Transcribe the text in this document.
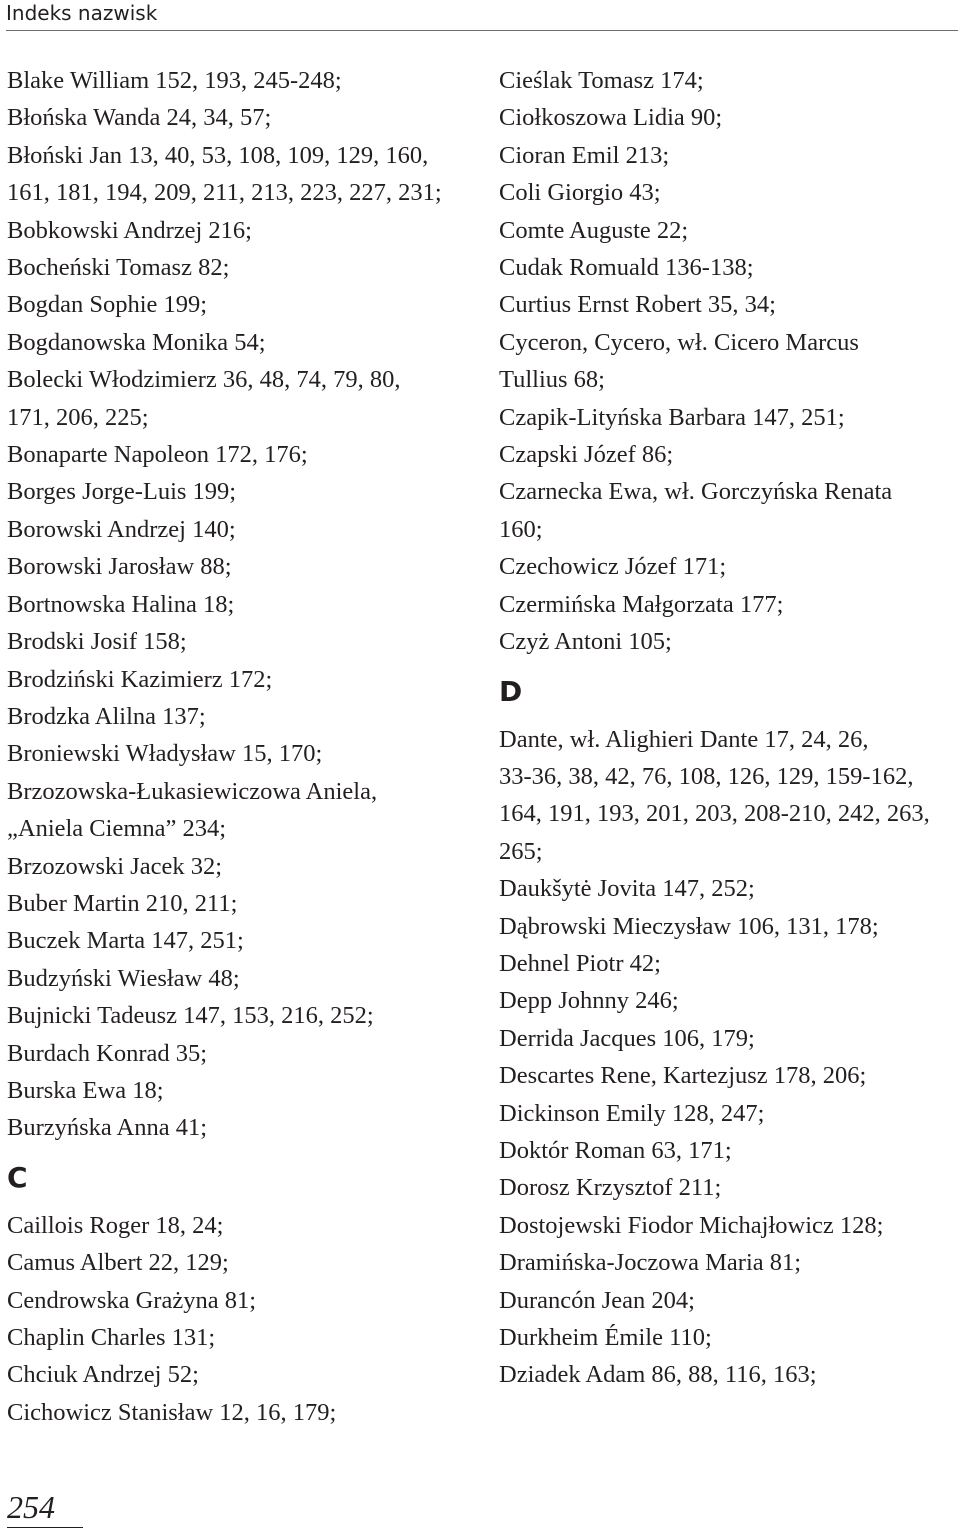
Indeks nazwisk
Blake William 152, 193, 245-248;
Błońska Wanda 24, 34, 57;
Błoński Jan 13, 40, 53, 108, 109, 129, 160,
161, 181, 194, 209, 211, 213, 223, 227, 231;
Bobkowski Andrzej 216;
Bocheński Tomasz 82;
Bogdan Sophie 199;
Bogdanowska Monika 54;
Bolecki Włodzimierz 36, 48, 74, 79, 80,
171, 206, 225;
Bonaparte Napoleon 172, 176;
Borges Jorge-Luis 199;
Borowski Andrzej 140;
Borowski Jarosław 88;
Bortnowska Halina 18;
Brodski Josif 158;
Brodziński Kazimierz 172;
Brodzka Alilna 137;
Broniewski Władysław 15, 170;
Brzozowska-Łukasiewiczowa Aniela,
„Aniela Ciemna” 234;
Brzozowski Jacek 32;
Buber Martin 210, 211;
Buczek Marta 147, 251;
Budzyński Wiesław 48;
Bujnicki Tadeusz 147, 153, 216, 252;
Burdach Konrad 35;
Burska Ewa 18;
Burzyńska Anna 41;
C
Caillois Roger 18, 24;
Camus Albert 22, 129;
Cendrowska Grażyna 81;
Chaplin Charles 131;
Chciuk Andrzej 52;
Cichowicz Stanisław 12, 16, 179;
Cieślak Tomasz 174;
Ciołkoszowa Lidia 90;
Cioran Emil 213;
Coli Giorgio 43;
Comte Auguste 22;
Cudak Romuald 136-138;
Curtius Ernst Robert 35, 34;
Cyceron, Cycero, wł. Cicero Marcus
Tullius 68;
Czapik-Lityńska Barbara 147, 251;
Czapski Józef 86;
Czarnecka Ewa, wł. Gorczyńska Renata
160;
Czechowicz Józef 171;
Czermińska Małgorzata 177;
Czyż Antoni 105;
D
Dante, wł. Alighieri Dante 17, 24, 26,
33-36, 38, 42, 76, 108, 126, 129, 159-162,
164, 191, 193, 201, 203, 208-210, 242, 263,
265;
Daukšytė Jovita 147, 252;
Dąbrowski Mieczysław 106, 131, 178;
Dehnel Piotr 42;
Depp Johnny 246;
Derrida Jacques 106, 179;
Descartes Rene, Kartezjusz 178, 206;
Dickinson Emily 128, 247;
Doktór Roman 63, 171;
Dorosz Krzysztof 211;
Dostojewski Fiodor Michajłowicz 128;
Dramińska-Joczowa Maria 81;
Durancón Jean 204;
Durkheim Émile 110;
Dziadek Adam 86, 88, 116, 163;
254
